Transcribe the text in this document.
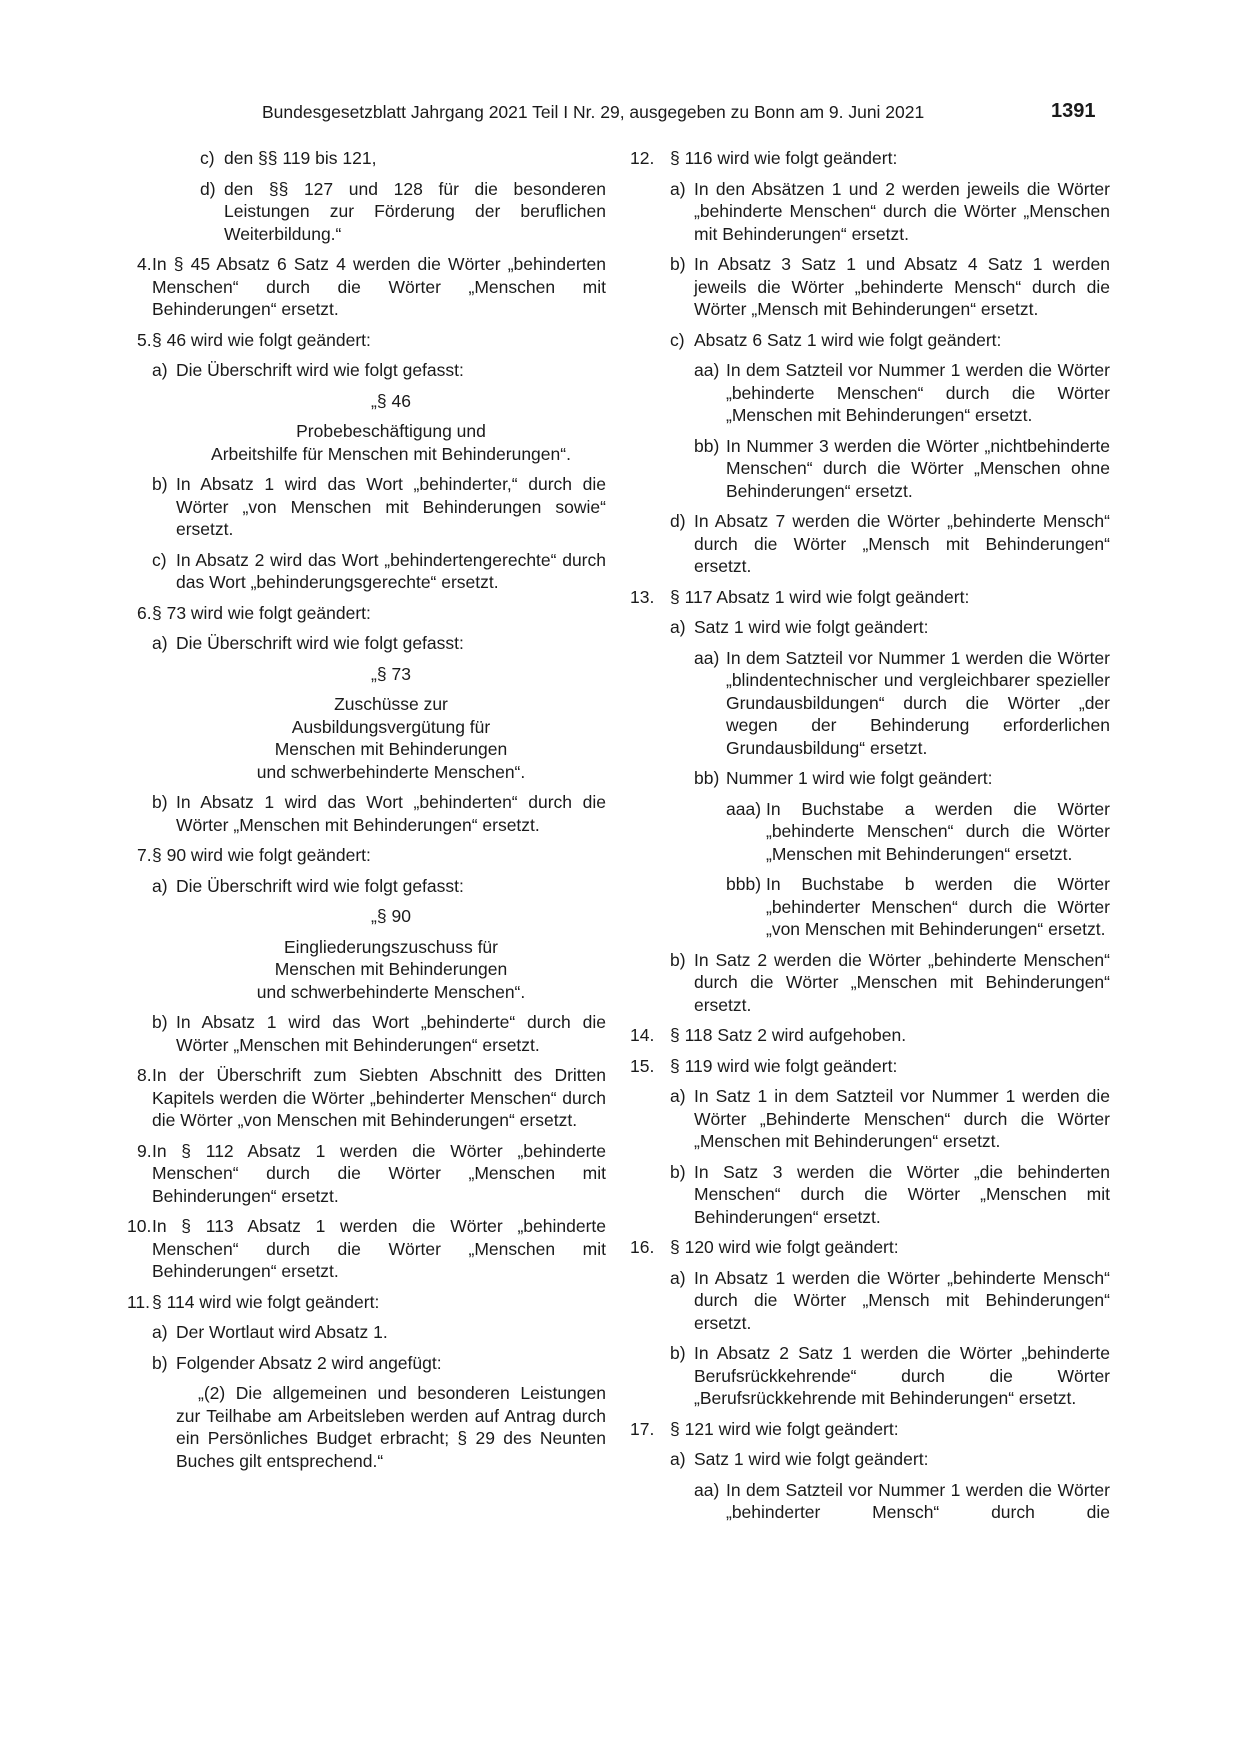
Bundesgesetzblatt Jahrgang 2021 Teil I Nr. 29, ausgegeben zu Bonn am 9. Juni 2021	1391
c) den §§ 119 bis 121,

d) den §§ 127 und 128 für die besonderen Leistungen zur Förderung der beruflichen Weiterbildung.“

4. In § 45 Absatz 6 Satz 4 werden die Wörter „behinderten Menschen“ durch die Wörter „Menschen mit Behinderungen“ ersetzt.

5. § 46 wird wie folgt geändert:

a) Die Überschrift wird wie folgt gefasst:

„§ 46

Probebeschäftigung und

Arbeitshilfe für Menschen mit Behinderungen“.

b) In Absatz 1 wird das Wort „behinderter,“ durch die Wörter „von Menschen mit Behinderungen sowie“ ersetzt.

c) In Absatz 2 wird das Wort „behindertengerechte“ durch das Wort „behinderungsgerechte“ ersetzt.

6. § 73 wird wie folgt geändert:

a) Die Überschrift wird wie folgt gefasst:

„§ 73

Zuschüsse zur

Ausbildungsvergütung für

Menschen mit Behinderungen

und schwerbehinderte Menschen“.

b) In Absatz 1 wird das Wort „behinderten“ durch die Wörter „Menschen mit Behinderungen“ ersetzt.

7. § 90 wird wie folgt geändert:

a) Die Überschrift wird wie folgt gefasst:

„§ 90

Eingliederungszuschuss für

Menschen mit Behinderungen

und schwerbehinderte Menschen“.

b) In Absatz 1 wird das Wort „behinderte“ durch die Wörter „Menschen mit Behinderungen“ ersetzt.

8. In der Überschrift zum Siebten Abschnitt des Dritten Kapitels werden die Wörter „behinderter Menschen“ durch die Wörter „von Menschen mit Behinderungen“ ersetzt.

9. In § 112 Absatz 1 werden die Wörter „behinderte Menschen“ durch die Wörter „Menschen mit Behinderungen“ ersetzt.

10. In § 113 Absatz 1 werden die Wörter „behinderte Menschen“ durch die Wörter „Menschen mit Behinderungen“ ersetzt.

11. § 114 wird wie folgt geändert:

a) Der Wortlaut wird Absatz 1.

b) Folgender Absatz 2 wird angefügt:

„(2) Die allgemeinen und besonderen Leistungen zur Teilhabe am Arbeitsleben werden auf Antrag durch ein Persönliches Budget erbracht; § 29 des Neunten Buches gilt entsprechend.“
12. § 116 wird wie folgt geändert:

a) In den Absätzen 1 und 2 werden jeweils die Wörter „behinderte Menschen“ durch die Wörter „Menschen mit Behinderungen“ ersetzt.

b) In Absatz 3 Satz 1 und Absatz 4 Satz 1 werden jeweils die Wörter „behinderte Mensch“ durch die Wörter „Mensch mit Behinderungen“ ersetzt.

c) Absatz 6 Satz 1 wird wie folgt geändert:

aa) In dem Satzteil vor Nummer 1 werden die Wörter „behinderte Menschen“ durch die Wörter „Menschen mit Behinderungen“ ersetzt.

bb) In Nummer 3 werden die Wörter „nichtbehinderte Menschen“ durch die Wörter „Menschen ohne Behinderungen“ ersetzt.

d) In Absatz 7 werden die Wörter „behinderte Mensch“ durch die Wörter „Mensch mit Behinderungen“ ersetzt.

13. § 117 Absatz 1 wird wie folgt geändert:

a) Satz 1 wird wie folgt geändert:

aa) In dem Satzteil vor Nummer 1 werden die Wörter „blindentechnischer und vergleichbarer spezieller Grundausbildungen“ durch die Wörter „der wegen der Behinderung erforderlichen Grundausbildung“ ersetzt.

bb) Nummer 1 wird wie folgt geändert:

aaa) In Buchstabe a werden die Wörter „behinderte Menschen“ durch die Wörter „Menschen mit Behinderungen“ ersetzt.

bbb) In Buchstabe b werden die Wörter „behinderter Menschen“ durch die Wörter „von Menschen mit Behinderungen“ ersetzt.

b) In Satz 2 werden die Wörter „behinderte Menschen“ durch die Wörter „Menschen mit Behinderungen“ ersetzt.

14. § 118 Satz 2 wird aufgehoben.

15. § 119 wird wie folgt geändert:

a) In Satz 1 in dem Satzteil vor Nummer 1 werden die Wörter „Behinderte Menschen“ durch die Wörter „Menschen mit Behinderungen“ ersetzt.

b) In Satz 3 werden die Wörter „die behinderten Menschen“ durch die Wörter „Menschen mit Behinderungen“ ersetzt.

16. § 120 wird wie folgt geändert:

a) In Absatz 1 werden die Wörter „behinderte Mensch“ durch die Wörter „Mensch mit Behinderungen“ ersetzt.

b) In Absatz 2 Satz 1 werden die Wörter „behinderte Berufsrückkehrende“ durch die Wörter „Berufsrückkehrende mit Behinderungen“ ersetzt.

17. § 121 wird wie folgt geändert:

a) Satz 1 wird wie folgt geändert:

aa) In dem Satzteil vor Nummer 1 werden die Wörter „behinderter Mensch“ durch die
